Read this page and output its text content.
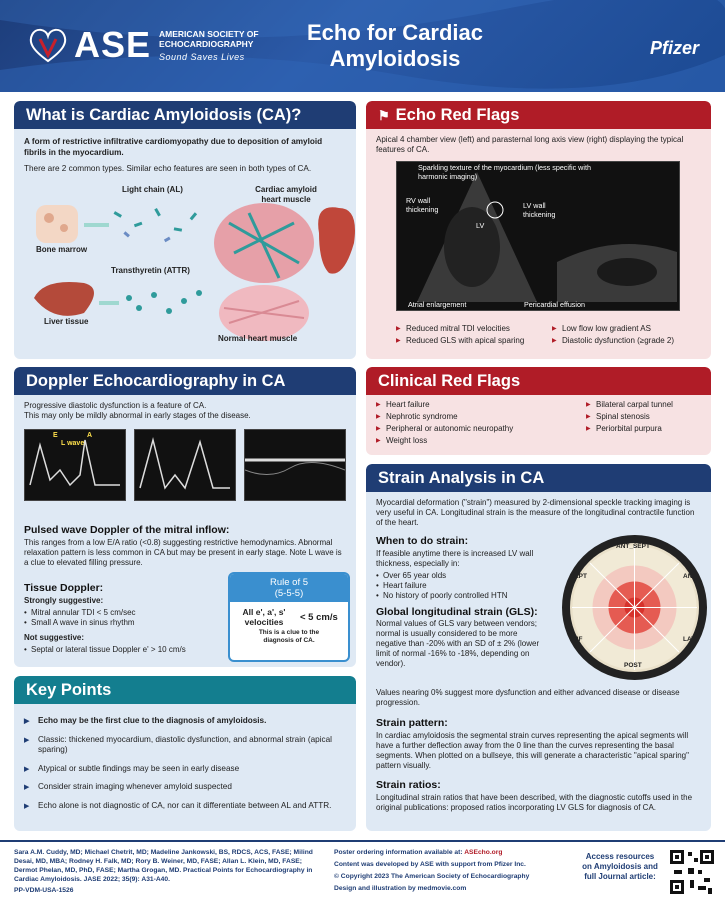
ASE AMERICAN SOCIETY OF ECHOCARDIOGRAPHY
Sound Saves Lives
Echo for Cardiac Amyloidosis	Pfizer
What is Cardiac Amyloidosis (CA)?
A form of restrictive infiltrative cardiomyopathy due to deposition of amyloid fibrils in the myocardium.
There are 2 common types. Similar echo features are seen in both types of CA.
Bone marrow
Light chain (AL)
Transthyretin (ATTR)
Liver tissue
Cardiac amyloid heart muscle
Normal heart muscle
⚑ Echo Red Flags
Apical 4 chamber view (left) and parasternal long axis view (right) displaying the typical features of CA.
Sparkling texture of the myocardium (less specific with harmonic imaging)
RV wall thickening	LV wall thickening
LV
Atrial enlargement	Pericardial effusion
▶ Reduced mitral TDI velocities
▶ Reduced GLS with apical sparing
▶ Low flow low gradient AS
▶ Diastolic dysfunction (≥grade 2)
Doppler Echocardiography in CA
Progressive diastolic dysfunction is a feature of CA.
This may only be mildly abnormal in early stages of the disease.
E	A
L wave
Pulsed wave Doppler of the mitral inflow:
This ranges from a low E/A ratio (<0.8) suggesting restrictive hemodynamics. Abnormal relaxation pattern is less common in CA but may be present in early stage. Note L wave is a clue to elevated filling pressure.
Tissue Doppler:
Strongly suggestive:
• Mitral annular TDI < 5 cm/sec
• Small A wave in sinus rhythm
Not suggestive:
• Septal or lateral tissue Doppler e' > 10 cm/s
Rule of 5
(5-5-5)
All e', a', s' velocities	< 5 cm/s
This is a clue to the diagnosis of CA.
Key Points
▶ Echo may be the first clue to the diagnosis of amyloidosis.
▶ Classic: thickened myocardium, diastolic dysfunction, and abnormal strain (apical sparing)
▶ Atypical or subtle findings may be seen in early disease
▶ Consider strain imaging whenever amyloid suspected
▶ Echo alone is not diagnostic of CA, nor can it differentiate between AL and ATTR.
Clinical Red Flags
▶ Heart failure
▶ Nephrotic syndrome
▶ Peripheral or autonomic neuropathy
▶ Weight loss
▶ Bilateral carpal tunnel
▶ Spinal stenosis
▶ Periorbital purpura
Strain Analysis in CA
Myocardial deformation ("strain") measured by 2-dimensional speckle tracking imaging is very useful in CA. Longitudinal strain is the measure of the longitudinal contractile function of the heart.
When to do strain:
If feasible anytime there is increased LV wall thickness, especially in:
• Over 65 year olds
• Heart failure
• No history of poorly controlled HTN
Global longitudinal strain (GLS):
Normal values of GLS vary between vendors; normal is usually considered to be more negative than -20% with an SD of ± 2% (lower limit of normal -16% to -18%, depending on vendor).
Values nearing 0% suggest more dysfunction and either advanced disease or disease progression.
Strain pattern:
In cardiac amyloidosis the segmental strain curves representing the apical segments will have a further deflection away from the 0 line than the curves representing the basal segments. When plotted on a bullseye, this will generate a characteristic "apical sparing" pattern visually.
Strain ratios:
Longitudinal strain ratios that have been described, with the diagnostic cutoffs used in the original publications: proposed ratios incorporating LV GLS for diagnosis of CA.
ANT_SEPT
ANT
SEPT
LAT
INF
POST
Sara A.M. Cuddy, MD; Michael Chetrit, MD; Madeline Jankowski, BS, RDCS, ACS, FASE; Milind Desai, MD, MBA; Rodney H. Falk, MD; Rory B. Weiner, MD, FASE; Allan L. Klein, MD, FASE; Dermot Phelan, MD, PhD, FASE; Martha Grogan, MD. Practical Points for Echocardiography in Cardiac Amyloidosis. JASE 2022; 35(9): A31-A40.
PP-VDM-USA-1526
Poster ordering information available at: ASEcho.org
Content was developed by ASE with support from Pfizer Inc.
© Copyright 2023 The American Society of Echocardiography
Design and illustration by medmovie.com
Access resources on Amyloidosis and full Journal article:
